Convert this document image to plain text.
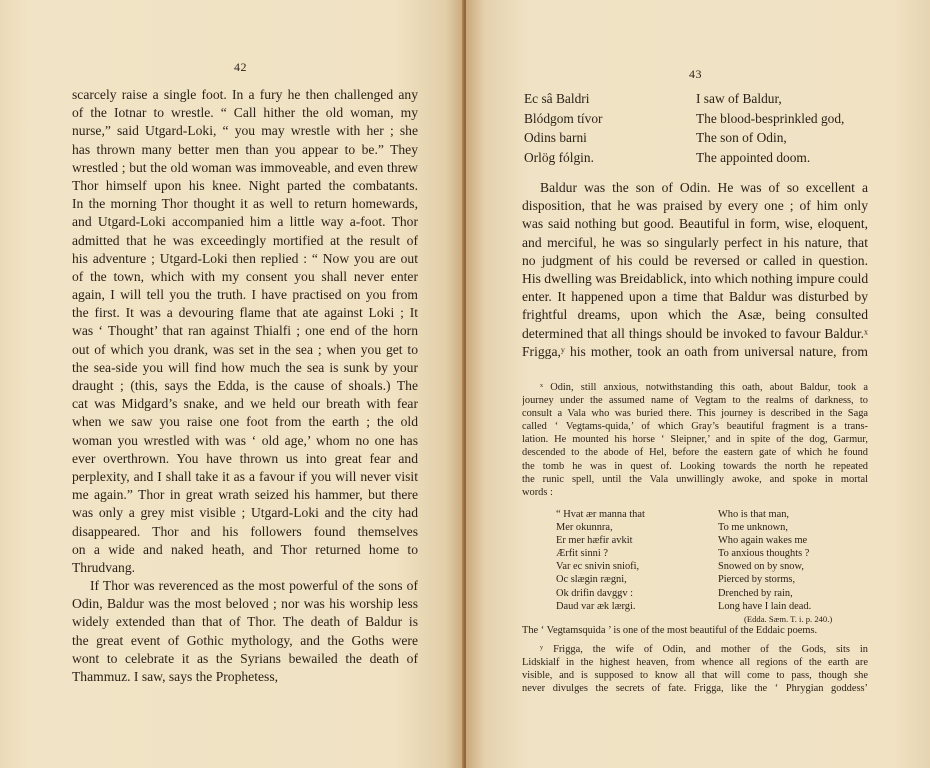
42
scarcely raise a single foot. In a fury he then challenged any
of the Iotnar to wrestle. “ Call hither the old woman, my
nurse,” said Utgard-Loki, “ you may wrestle with her ; she
has thrown many better men than you appear to be.” They
wrestled ; but the old woman was immoveable, and even threw
Thor himself upon his knee. Night parted the combatants.
In the morning Thor thought it as well to return homewards,
and Utgard-Loki accompanied him a little way a-foot. Thor
admitted that he was exceedingly mortified at the result of
his adventure ; Utgard-Loki then replied : “ Now you are out
of the town, which with my consent you shall never enter
again, I will tell you the truth. I have practised on you from
the first. It was a devouring flame that ate against Loki ; It
was ‘ Thought’ that ran against Thialfi ; one end of the horn
out of which you drank, was set in the sea ; when you get to
the sea-side you will find how much the sea is sunk by your
draught ; (this, says the Edda, is the cause of shoals.) The
cat was Midgard’s snake, and we held our breath with fear
when we saw you raise one foot from the earth ; the old
woman you wrestled with was ‘ old age,’ whom no one has
ever overthrown. You have thrown us into great fear and
perplexity, and I shall take it as a favour if you will never visit
me again.” Thor in great wrath seized his hammer, but there
was only a grey mist visible ; Utgard-Loki and the city had
disappeared. Thor and his followers found themselves
on a wide and naked heath, and Thor returned home to
Thrudvang.
If Thor was reverenced as the most powerful of the sons of
Odin, Baldur was the most beloved ; nor was his worship less
widely extended than that of Thor. The death of Baldur is
the great event of Gothic mythology, and the Goths were
wont to celebrate it as the Syrians bewailed the death of
Thammuz. I saw, says the Prophetess,
43
Ec sâ Baldri	I saw of Baldur,
Blódgom tívor	The blood-besprinkled god,
Odins barni	The son of Odin,
Orlög fólgin.	The appointed doom.
Baldur was the son of Odin. He was of so excellent a
disposition, that he was praised by every one ; of him only
was said nothing but good. Beautiful in form, wise, eloquent,
and merciful, he was so singularly perfect in his nature, that
no judgment of his could be reversed or called in question.
His dwelling was Breidablick, into which nothing impure could
enter. It happened upon a time that Baldur was disturbed by
frightful dreams, upon which the Asæ, being consulted
determined that all things should be invoked to favour Baldur.ˣ
Frigga,ʸ his mother, took an oath from universal nature, from
ˣ Odin, still anxious, notwithstanding this oath, about Baldur, took a
journey under the assumed name of Vegtam to the realms of darkness, to
consult a Vala who was buried there. This journey is described in the Saga
called ‘ Vegtams-quida,’ of which Gray’s beautiful fragment is a trans-
lation. He mounted his horse ‘ Sleipner,’ and in spite of the dog, Garmur,
descended to the abode of Hel, before the eastern gate of which he found
the tomb he was in quest of. Looking towards the north he repeated
the runic spell, until the Vala unwillingly awoke, and spoke in mortal
words :
“ Hvat ær manna that	Who is that man,
Mer okunnra,	To me unknown,
Er mer hæfir avkit	Who again wakes me
Ærfit sinni ?	To anxious thoughts ?
Var ec snivin sniofi,	Snowed on by snow,
Oc slægin rægni,	Pierced by storms,
Ok drifin davggv :	Drenched by rain,
Daud var æk lærgi.	Long have I lain dead.
(Edda. Sæm. T. i. p. 240.)
The ‘ Vegtamsquida ’ is one of the most beautiful of the Eddaic poems.
ʸ Frigga, the wife of Odin, and mother of the Gods, sits in
Lidskialf in the highest heaven, from whence all regions of the earth are
visible, and is supposed to know all that will come to pass, though she
never divulges the secrets of fate. Frigga, like the ‘ Phrygian goddess’
